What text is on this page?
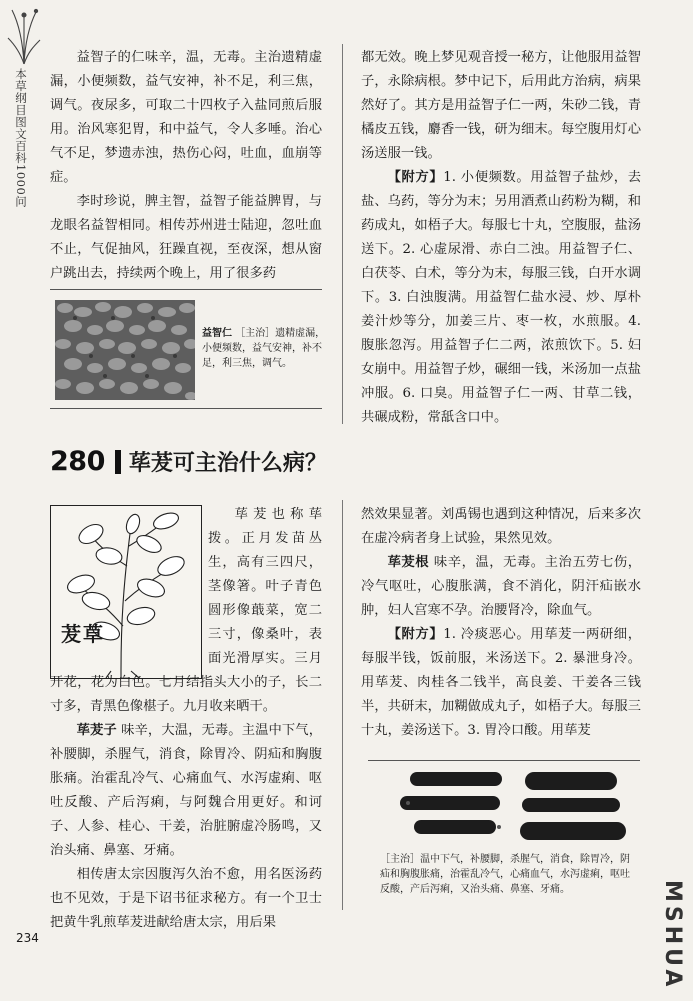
本草纲目图文百科1000问

益智子的仁味辛，温，无毒。主治遗精虚漏，小便频数，益气安神，补不足，利三焦，调气。夜尿多，可取二十四枚子入盐同煎后服用。治风寒犯胃，和中益气，令人多唾。治心气不足，梦遗赤浊，热伤心闷，吐血，血崩等症。

李时珍说，脾主智，益智子能益脾胃，与龙眼名益智相同。相传苏州进士陆迎，忽吐血不止，气促抽风，狂躁直视，至夜深，想从窗户跳出去，持续两个晚上，用了很多药

益智仁 ［主治］遗精虚漏，小便频数，益气安神，补不足，利三焦，调气。

都无效。晚上梦见观音授一秘方，让他服用益智子，永除病根。梦中记下，后用此方治病，病果然好了。其方是用益智子仁一两，朱砂二钱，青橘皮五钱，麝香一钱，研为细末。每空腹用灯心汤送服一钱。

【附方】1. 小便频数。用益智子盐炒，去盐、乌药，等分为末；另用酒煮山药粉为糊，和药成丸，如梧子大。每服七十丸，空腹服，盐汤送下。2. 心虚尿滑、赤白二浊。用益智子仁、白茯苓、白术，等分为末，每服三钱，白开水调下。3. 白浊腹满。用益智仁盐水浸、炒、厚朴姜汁炒等分，加姜三片、枣一枚，水煎服。4. 腹胀忽泻。用益智子仁二两，浓煎饮下。5. 妇女崩中。用益智子炒，碾细一钱，米汤加一点盐冲服。6. 口臭。用益智子仁一两、甘草二钱，共碾成粉，常舐含口中。

280 荜茇可主治什么病？
茇草

荜茇也称荜拨。正月发苗丛生，高有三四尺，茎像箸。叶子青色圆形像蕺菜，宽二三寸，像桑叶，表面光滑厚实。三月开花，花为白色。七月结指头大小的子，长二寸多，青黑色像椹子。九月收来晒干。

荜茇子 味辛，大温，无毒。主温中下气，补腰脚，杀腥气，消食，除胃冷、阴疝和胸腹胀痛。治霍乱冷气、心痛血气、水泻虚痢、呕吐反酸、产后泻痢，与阿魏合用更好。和诃子、人参、桂心、干姜，治脏腑虚冷肠鸣，又治头痛、鼻塞、牙痛。

相传唐太宗因腹泻久治不愈，用名医汤药也不见效，于是下诏书征求秘方。有一个卫士把黄牛乳煎荜茇进献给唐太宗，用后果

然效果显著。刘禹锡也遇到这种情况，后来多次在虚冷病者身上试验，果然见效。

荜茇根 味辛，温，无毒。主治五劳七伤，冷气呕吐，心腹胀满，食不消化，阴汗疝嵌水肿，妇人宫寒不孕。治腰肾冷，除血气。

【附方】1. 冷痰恶心。用荜茇一两研细，每服半钱，饭前服，米汤送下。2. 暴泄身冷。用荜茇、肉桂各二钱半，高良姜、干姜各三钱半，共研末，加糊做成丸子，如梧子大。每服三十丸，姜汤送下。3. 胃冷口酸。用荜茇

［主治］温中下气，补腰脚，杀腥气，消食，除胃冷，阴疝和胸腹胀痛，治霍乱冷气，心痛血气，水泻虚痢，呕吐反酸，产后泻痢，又治头痛、鼻塞、牙痛。
234	MSHUA
